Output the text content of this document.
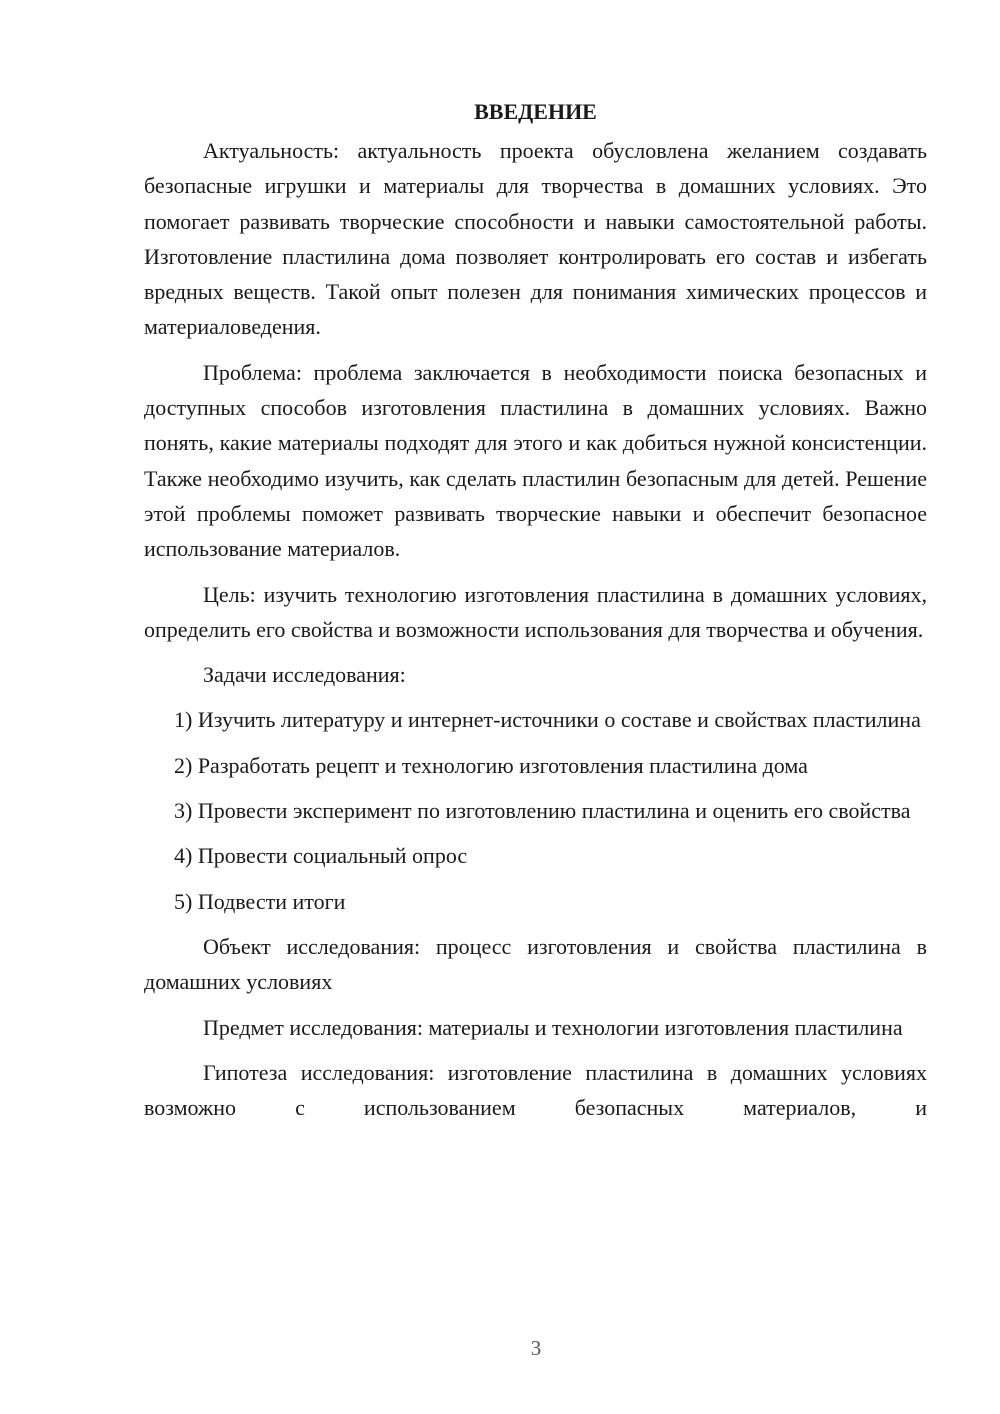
ВВЕДЕНИЕ

Актуальность: актуальность проекта обусловлена желанием создавать безопасные игрушки и материалы для творчества в домашних условиях. Это помогает развивать творческие способности и навыки самостоятельной работы. Изготовление пластилина дома позволяет контролировать его состав и избегать вредных веществ. Такой опыт полезен для понимания химических процессов и материаловедения.

Проблема: проблема заключается в необходимости поиска безопасных и доступных способов изготовления пластилина в домашних условиях. Важно понять, какие материалы подходят для этого и как добиться нужной консистенции. Также необходимо изучить, как сделать пластилин безопасным для детей. Решение этой проблемы поможет развивать творческие навыки и обеспечит безопасное использование материалов.

Цель: изучить технологию изготовления пластилина в домашних условиях, определить его свойства и возможности использования для творчества и обучения.

Задачи исследования:

1) Изучить литературу и интернет-источники о составе и свойствах пластилина

2) Разработать рецепт и технологию изготовления пластилина дома

3) Провести эксперимент по изготовлению пластилина и оценить его свойства

4) Провести социальный опрос

5) Подвести итоги

Объект исследования: процесс изготовления и свойства пластилина в домашних условиях

Предмет исследования: материалы и технологии изготовления пластилина

Гипотеза исследования: изготовление пластилина в домашних условиях возможно с использованием безопасных материалов, и

3
